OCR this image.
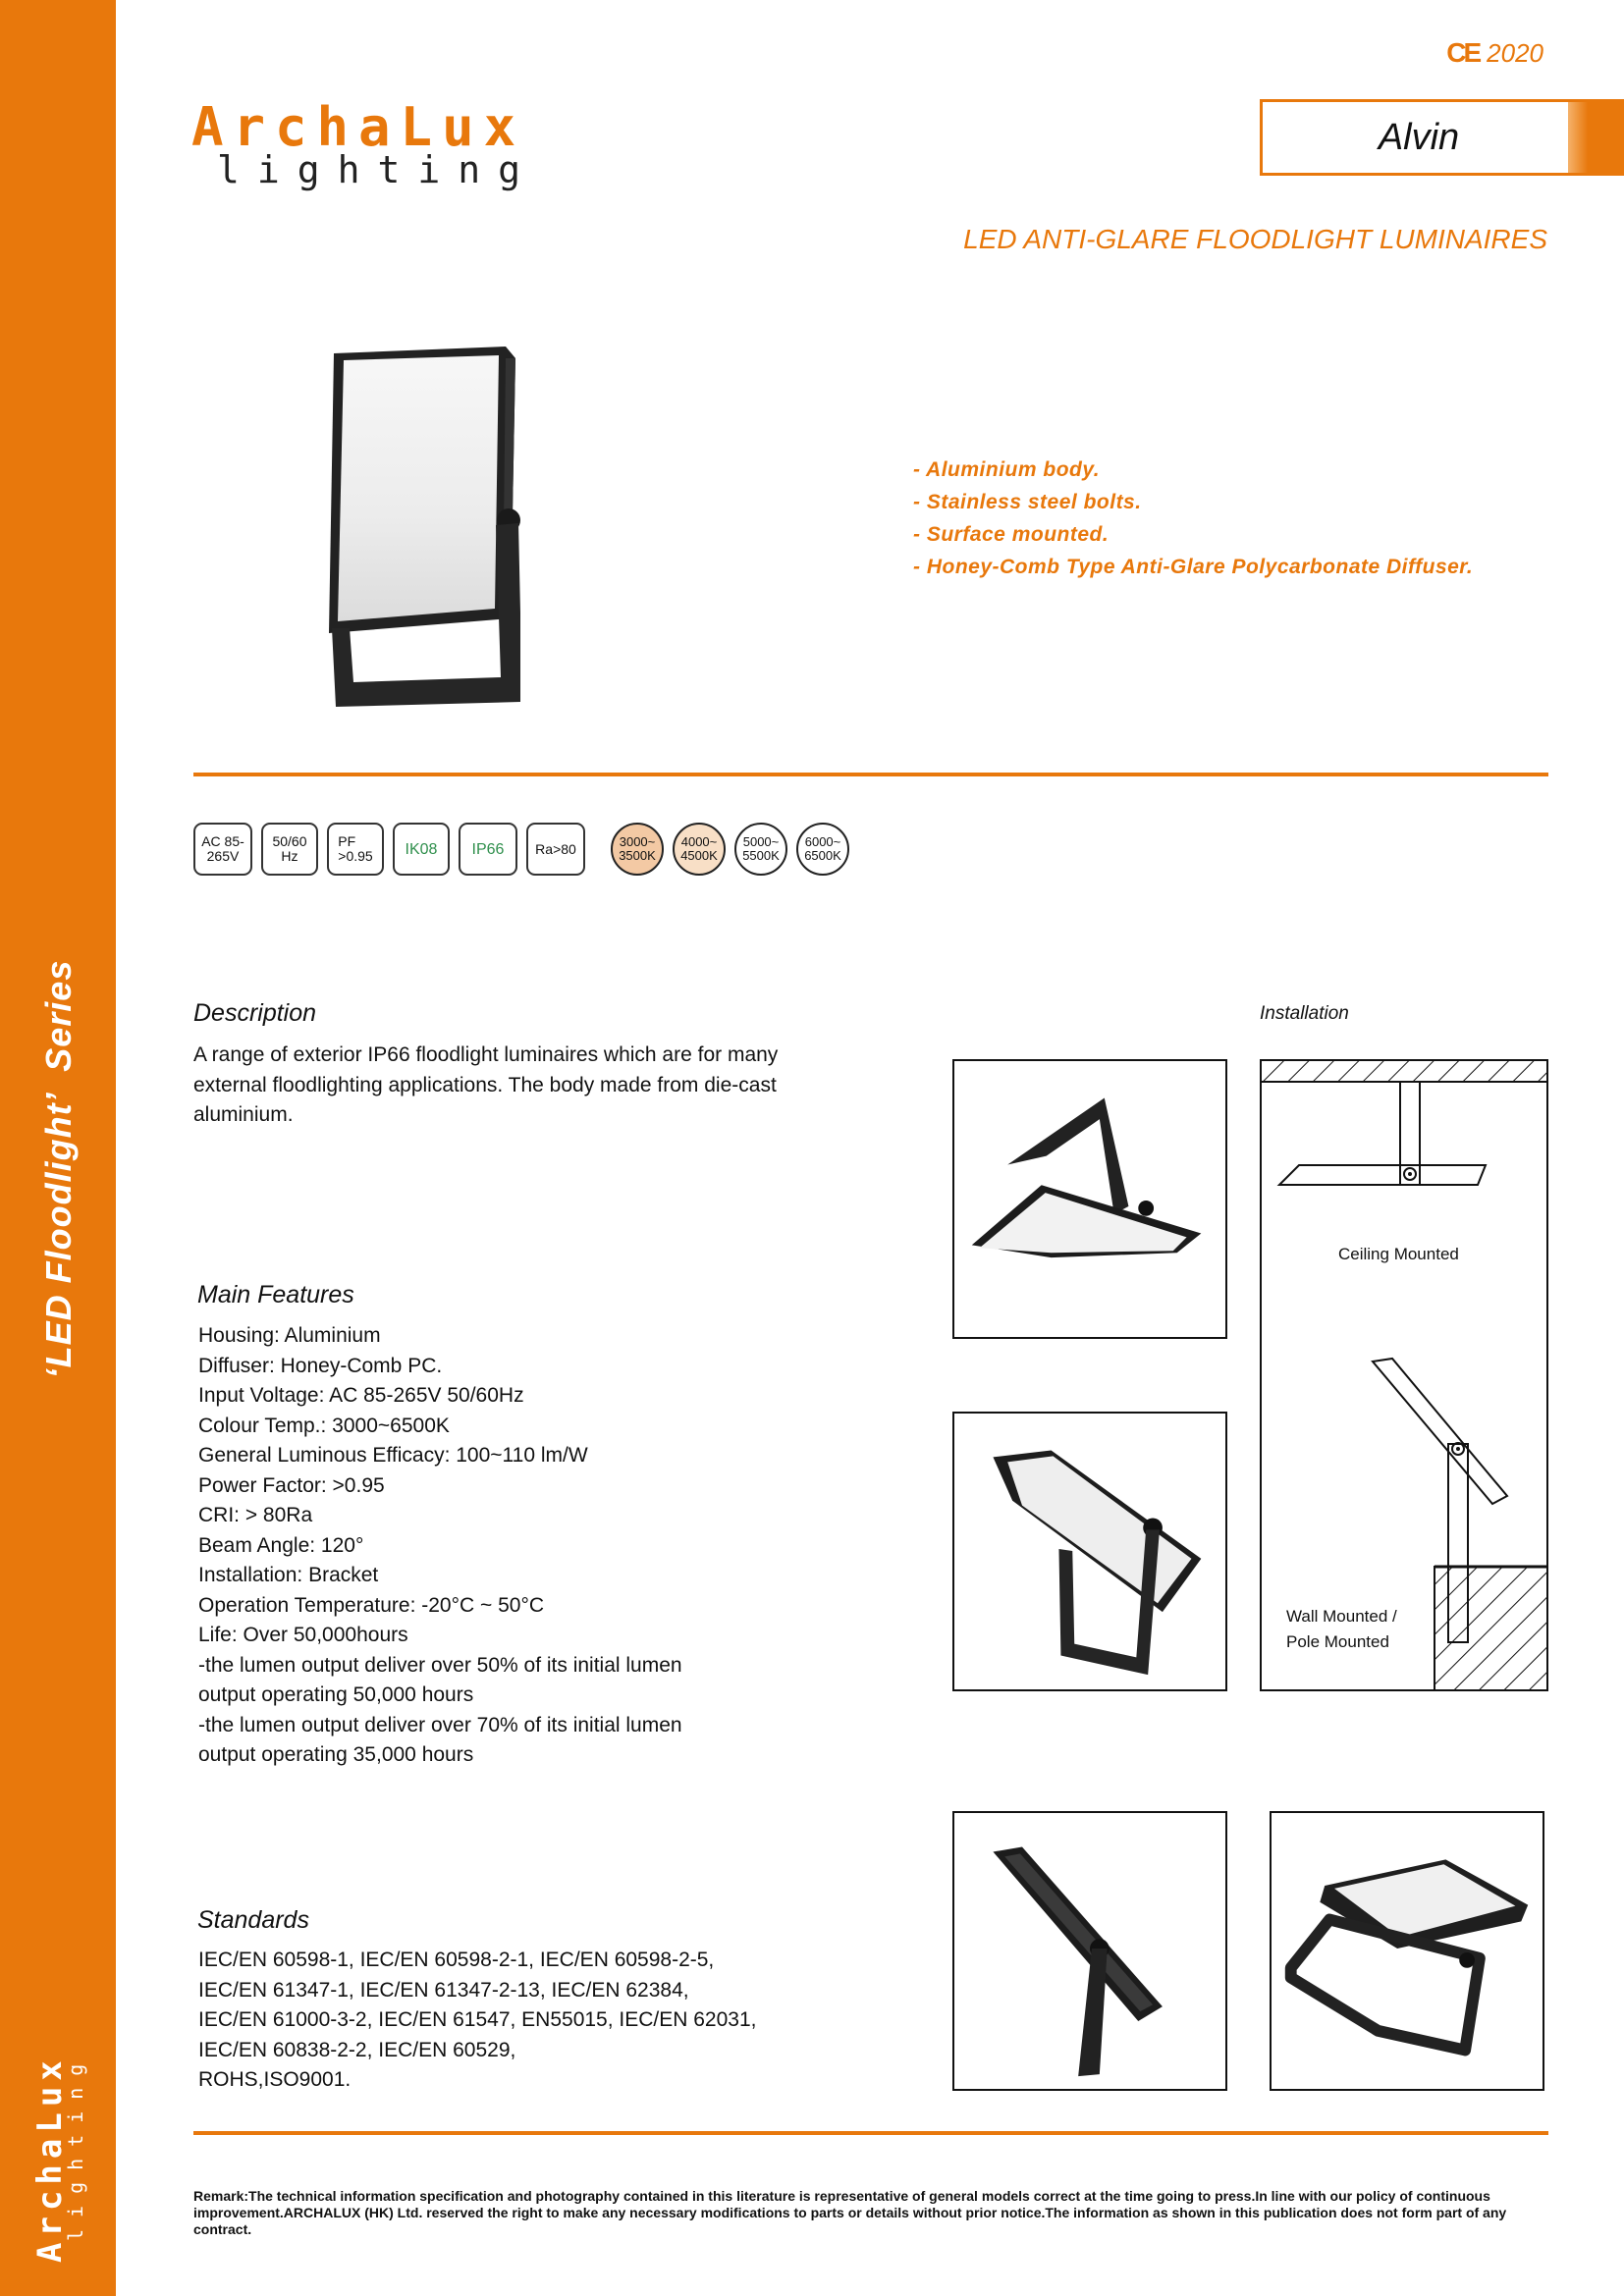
‘LED Floodlight’  Series
ArchaLux
lighting
CE 2020
ArchaLux
lighting
Alvin
LED ANTI-GLARE FLOODLIGHT LUMINAIRES
- Aluminium body.
- Stainless steel bolts.
- Surface mounted.
- Honey-Comb Type Anti-Glare Polycarbonate Diffuser.
AC 85-
265V
50/60
Hz
PF
>0.95	IK08	IP66	Ra>80	3000~
3500K
4000~
4500K
5000~
5500K
6000~
6500K
Description
A range of exterior IP66 floodlight luminaires which are for many
external floodlighting applications. The body made from die-cast
aluminium.
Main Features
Housing: Aluminium
Diffuser: Honey-Comb PC.
Input Voltage: AC 85-265V 50/60Hz
Colour Temp.: 3000~6500K
General Luminous Efficacy: 100~110 lm/W
Power Factor: >0.95
CRI: > 80Ra
Beam Angle: 120°
Installation: Bracket
Operation Temperature: -20°C ~ 50°C
Life: Over 50,000hours
-the lumen output deliver over 50% of its initial lumen
output operating 50,000 hours
-the lumen output deliver over 70% of its initial lumen
output operating 35,000 hours
Standards
IEC/EN 60598-1, IEC/EN 60598-2-1, IEC/EN 60598-2-5,
IEC/EN 61347-1, IEC/EN 61347-2-13, IEC/EN 62384,
IEC/EN 61000-3-2, IEC/EN 61547, EN55015, IEC/EN 62031,
IEC/EN 60838-2-2, IEC/EN 60529,
ROHS,ISO9001.
Installation
Ceiling Mounted
Wall Mounted /
Pole Mounted
Remark:The technical information specification and photography contained in this literature is representative of general models correct at the time going to press.In line with our policy of continuous improvement.ARCHALUX (HK) Ltd. reserved the right to make any necessary modifications to parts or details without prior notice.The information as shown in this publication does not form part of any contract.
